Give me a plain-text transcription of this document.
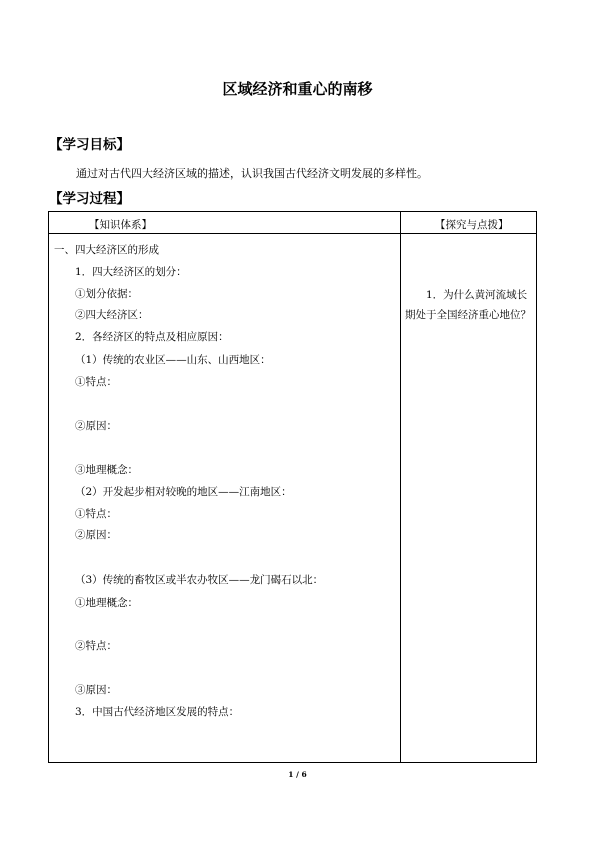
区域经济和重心的南移
【学习目标】
通过对古代四大经济区域的描述，认识我国古代经济文明发展的多样性。
【学习过程】
【知识体系】	【探究与点拨】
一、四大经济区的形成
1．四大经济区的划分：
①划分依据：
②四大经济区：
2．各经济区的特点及相应原因：
（1）传统的农业区——山东、山西地区：
①特点：
②原因：
③地理概念：
（2）开发起步相对较晚的地区——江南地区：
①特点：
②原因：
（3）传统的畜牧区或半农办牧区——龙门碣石以北：
①地理概念：
②特点：
③原因：
3．中国古代经济地区发展的特点：
1．为什么黄河流域长期处于全国经济重心地位？
1 / 6
